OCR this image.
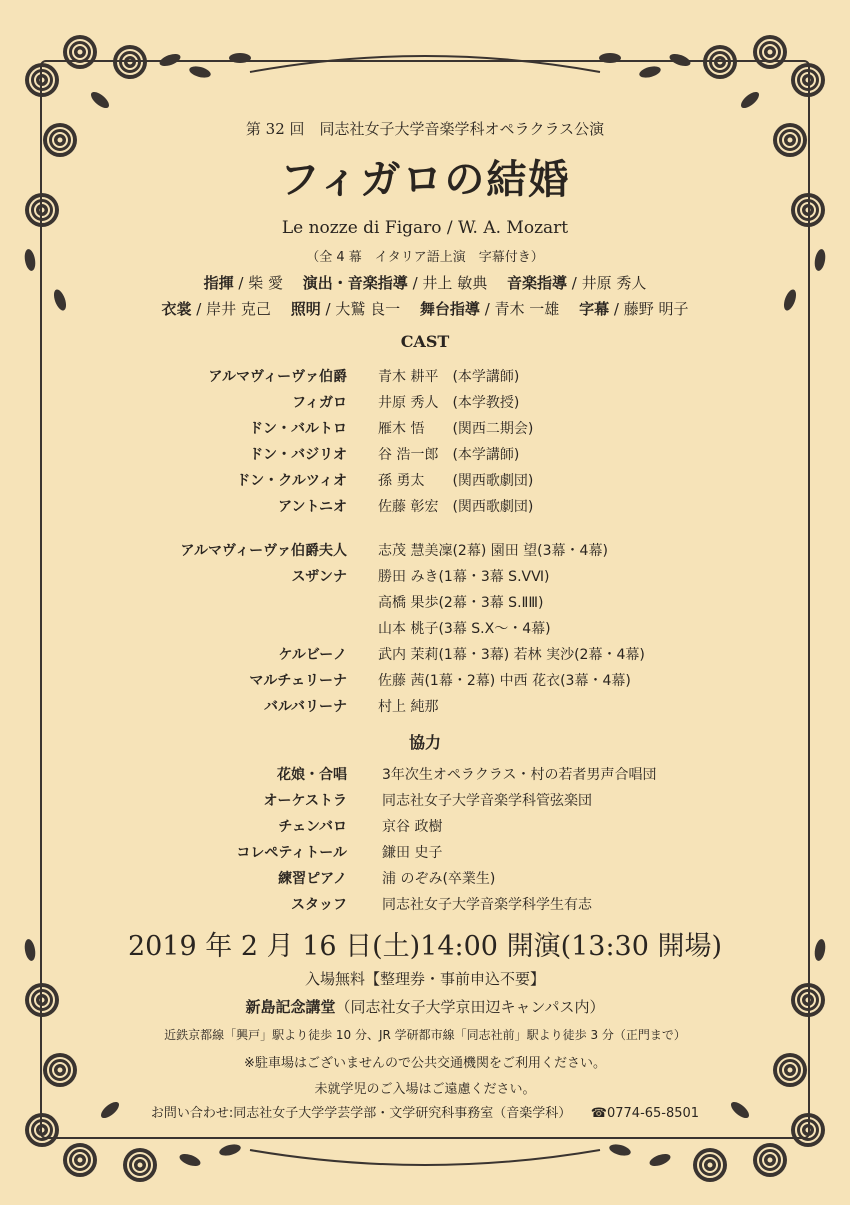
第 32 回　同志社女子大学音楽学科オペラクラス公演
フィガロの結婚
Le nozze di Figaro / W. A. Mozart
（全 4 幕　イタリア語上演　字幕付き）
指揮 / 柴 愛　 演出・音楽指導 / 井上 敏典　 音楽指導 / 井原 秀人
衣裳 / 岸井 克己　 照明 / 大鷲 良一　 舞台指導 / 青木 一雄　 字幕 / 藤野 明子
CAST
アルマヴィーヴァ伯爵 青木 耕平　(本学講師)
フィガロ 井原 秀人　(本学教授)
ドン・バルトロ 雁木 悟　　(関西二期会)
ドン・バジリオ 谷 浩一郎　(本学講師)
ドン・クルツィオ 孫 勇太　　(関西歌劇団)
アントニオ 佐藤 彰宏　(関西歌劇団)
アルマヴィーヴァ伯爵夫人 志茂 慧美凜(2幕) 園田 望(3幕・4幕)
スザンナ 勝田 みき(1幕・3幕 S.ⅤⅥ)
高橋 果歩(2幕・3幕 S.ⅡⅢ)
山本 桃子(3幕 S.Ⅹ～・4幕)
ケルビーノ 武内 茉莉(1幕・3幕) 若林 実沙(2幕・4幕)
マルチェリーナ 佐藤 茜(1幕・2幕) 中西 花衣(3幕・4幕)
バルバリーナ 村上 純那
協力
花娘・合唱	3年次生オペラクラス・村の若者男声合唱団
オーケストラ	同志社女子大学音楽学科管弦楽団
チェンバロ	京谷 政樹
コレペティトール	鎌田 史子
練習ピアノ	浦 のぞみ(卒業生)
スタッフ	同志社女子大学音楽学科学生有志
2019 年 2 月 16 日(土)14:00 開演(13:30 開場)
入場無料【整理券・事前申込不要】
新島記念講堂（同志社女子大学京田辺キャンパス内）
近鉄京都線「興戸」駅より徒歩 10 分、JR 学研都市線「同志社前」駅より徒歩 3 分（正門まで）
※駐車場はございませんので公共交通機関をご利用ください。
未就学児のご入場はご遠慮ください。
お問い合わせ:同志社女子大学学芸学部・文学研究科事務室（音楽学科）　　 ☎0774-65-8501
